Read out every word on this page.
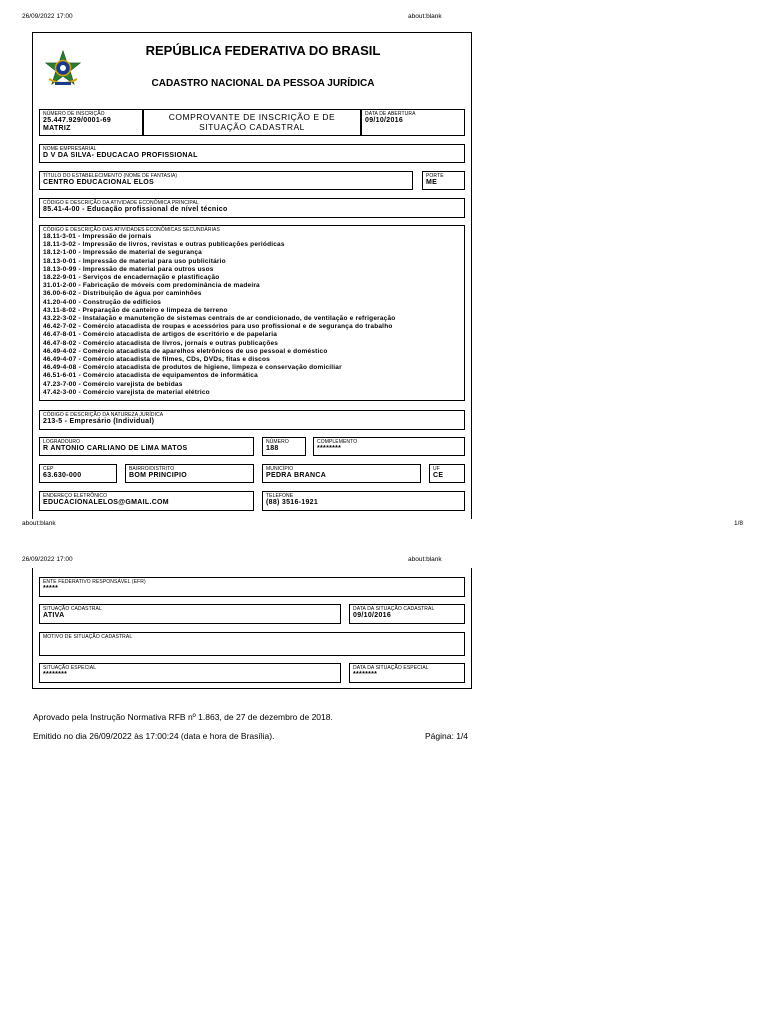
26/09/2022 17:00	about:blank
REPÚBLICA FEDERATIVA DO BRASIL
CADASTRO NACIONAL DA PESSOA JURÍDICA
NÚMERO DE INSCRIÇÃO
25.447.929/0001-69
MATRIZ
COMPROVANTE DE INSCRIÇÃO E DE SITUAÇÃO CADASTRAL
DATA DE ABERTURA
09/10/2016
NOME EMPRESARIAL
D V DA SILVA- EDUCACAO PROFISSIONAL
TÍTULO DO ESTABELECIMENTO (NOME DE FANTASIA)
CENTRO EDUCACIONAL ELOS
PORTE
ME
CÓDIGO E DESCRIÇÃO DA ATIVIDADE ECONÔMICA PRINCIPAL
85.41-4-00 - Educação profissional de nível técnico
CÓDIGO E DESCRIÇÃO DAS ATIVIDADES ECONÔMICAS SECUNDÁRIAS
18.11-3-01 - Impressão de jornais
18.11-3-02 - Impressão de livros, revistas e outras publicações periódicas
18.12-1-00 - Impressão de material de segurança
18.13-0-01 - Impressão de material para uso publicitário
18.13-0-99 - Impressão de material para outros usos
18.22-9-01 - Serviços de encadernação e plastificação
31.01-2-00 - Fabricação de móveis com predominância de madeira
36.00-6-02 - Distribuição de água por caminhões
41.20-4-00 - Construção de edifícios
43.11-8-02 - Preparação de canteiro e limpeza de terreno
43.22-3-02 - Instalação e manutenção de sistemas centrais de ar condicionado, de ventilação e refrigeração
46.42-7-02 - Comércio atacadista de roupas e acessórios para uso profissional e de segurança do trabalho
46.47-8-01 - Comércio atacadista de artigos de escritório e de papelaria
46.47-8-02 - Comércio atacadista de livros, jornais e outras publicações
46.49-4-02 - Comércio atacadista de aparelhos eletrônicos de uso pessoal e doméstico
46.49-4-07 - Comércio atacadista de filmes, CDs, DVDs, fitas e discos
46.49-4-08 - Comércio atacadista de produtos de higiene, limpeza e conservação domiciliar
46.51-6-01 - Comércio atacadista de equipamentos de informática
47.23-7-00 - Comércio varejista de bebidas
47.42-3-00 - Comércio varejista de material elétrico
CÓDIGO E DESCRIÇÃO DA NATUREZA JURÍDICA
213-5 - Empresário (Individual)
LOGRADOURO
R ANTONIO CARLIANO DE LIMA MATOS
NÚMERO
188
COMPLEMENTO
********
CEP
63.630-000
BAIRRO/DISTRITO
BOM PRINCIPIO
MUNICÍPIO
PEDRA BRANCA
UF
CE
ENDEREÇO ELETRÔNICO
EDUCACIONALELOS@GMAIL.COM
TELEFONE
(88) 3516-1921
about:blank	1/8
26/09/2022 17:00	about:blank
ENTE FEDERATIVO RESPONSÁVEL (EFR)
*****
SITUAÇÃO CADASTRAL
ATIVA
DATA DA SITUAÇÃO CADASTRAL
09/10/2016
MOTIVO DE SITUAÇÃO CADASTRAL
SITUAÇÃO ESPECIAL
********
DATA DA SITUAÇÃO ESPECIAL
********
Aprovado pela Instrução Normativa RFB nº 1.863, de 27 de dezembro de 2018.
Emitido no dia 26/09/2022 às 17:00:24 (data e hora de Brasília).	Página: 1/4
